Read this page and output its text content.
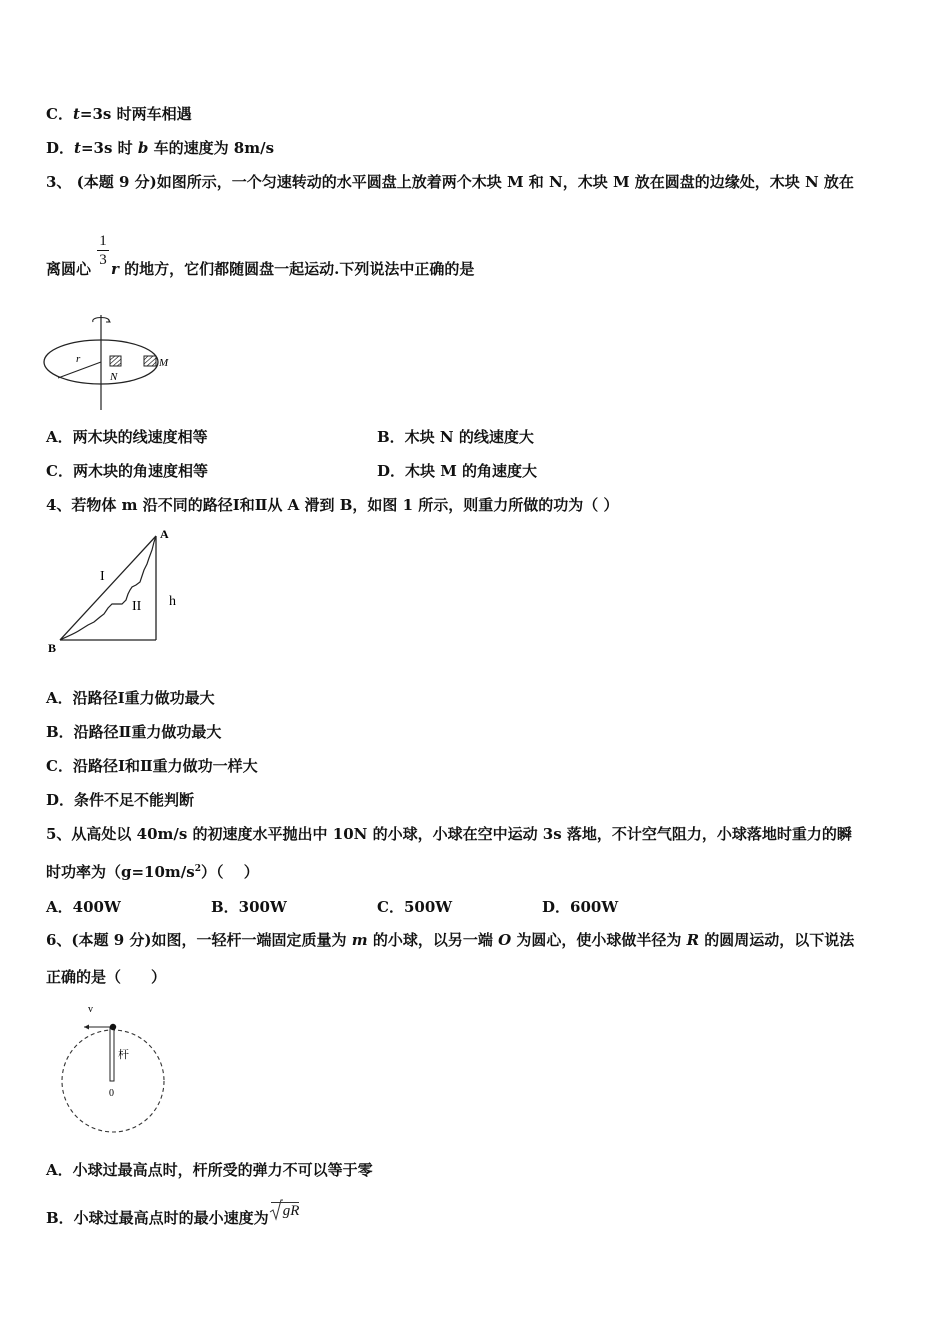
C．t=3s 时两车相遇
D．t=3s 时 b 车的速度为 8m/s
3、 (本题 9 分)如图所示，一个匀速转动的水平圆盘上放着两个木块 M 和 N，木块 M 放在圆盘的边缘处，木块 N 放在
1
3
离圆心 r 的地方，它们都随圆盘一起运动.下列说法中正确的是
r
N
M
A．两木块的线速度相等	B．木块 N 的线速度大
C．两木块的角速度相等	D．木块 M 的角速度大
4、若物体 m 沿不同的路径Ⅰ和Ⅱ从 A 滑到 B，如图 1 所示，则重力所做的功为（ ）
A
B
I
II h
A．沿路径Ⅰ重力做功最大
B．沿路径Ⅱ重力做功最大
C．沿路径Ⅰ和Ⅱ重力做功一样大
D．条件不足不能判断
5、从高处以 40m/s 的初速度水平抛出中 10N 的小球，小球在空中运动 3s 落地，不计空气阻力，小球落地时重力的瞬
时功率为$(g=10m/s^2)$（　 ）
A．400W	B．300W	C．500W	D．600W
6、(本题 9 分)如图，一轻杆一端固定质量为 m 的小球，以另一端 O 为圆心，使小球做半径为 R 的圆周运动，以下说法
正确的是（　　）
v
杆
0
A．小球过最高点时，杆所受的弹力不可以等于零
B．小球过最高点时的最小速度为 gR
